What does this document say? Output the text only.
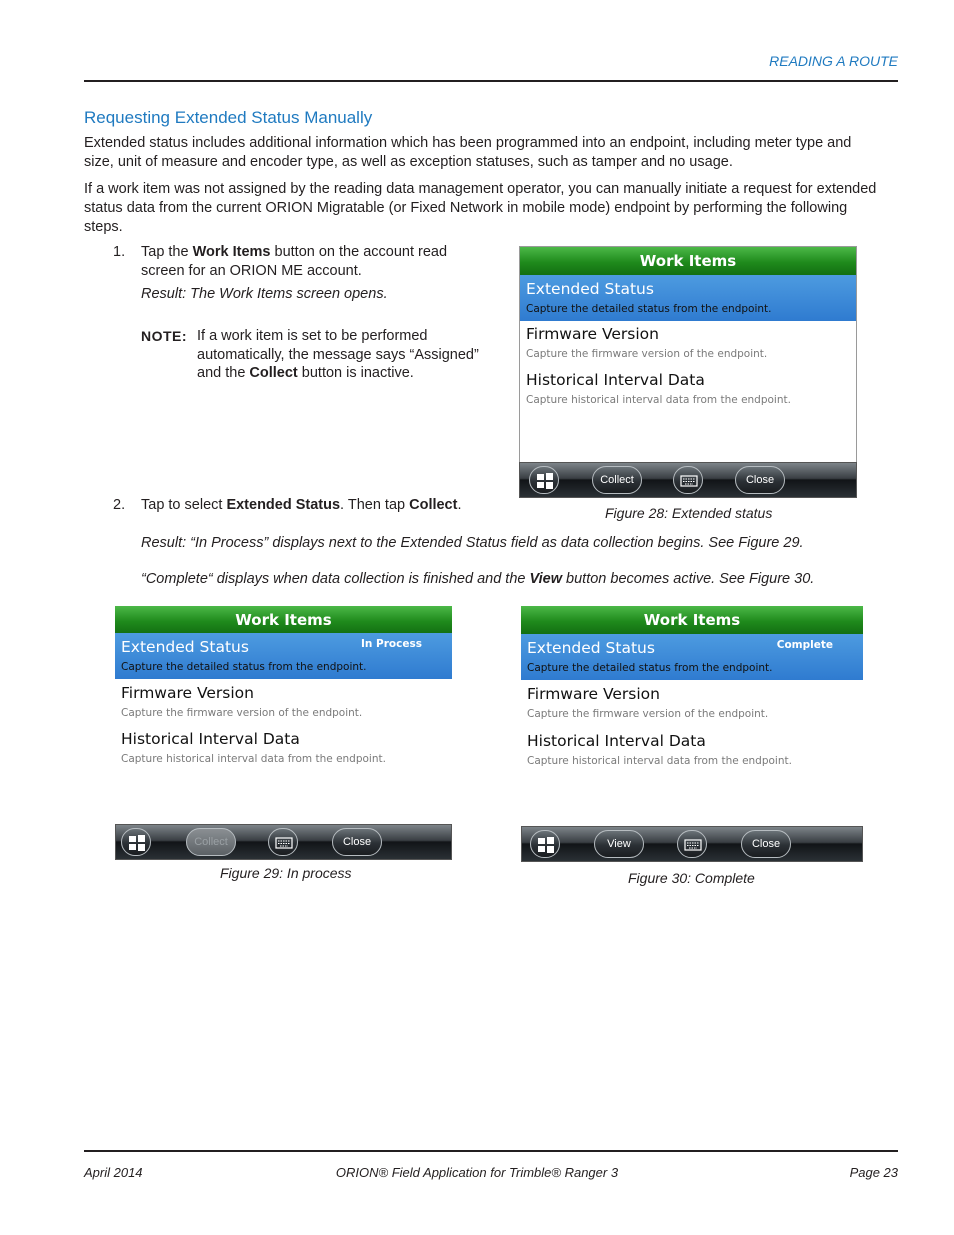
READING A ROUTE
Requesting Extended Status Manually
Extended status includes additional information which has been programmed into an endpoint, including meter type and size, unit of measure and encoder type, as well as exception statuses, such as tamper and no usage.
If a work item was not assigned by the reading data management operator, you can manually initiate a request for extended status data from the current ORION Migratable (or Fixed Network in mobile mode) endpoint by performing the following steps.
1. Tap the Work Items button on the account read
screen for an ORION ME account.
Result: The Work Items screen opens.
NOTE: If a work item is set to be performed
automatically, the message says “Assigned”
and the Collect button is inactive.
Work Items
Extended Status
Capture the detailed status from the endpoint.
Firmware Version
Capture the firmware version of the endpoint.
Historical Interval Data
Capture historical interval data from the endpoint.
Collect	Close
2. Tap to select Extended Status. Then tap Collect.	Figure 28: Extended status
Result: “In Process” displays next to the Extended Status field as data collection begins. See Figure 29.
“Complete“ displays when data collection is finished and the View button becomes active. See Figure 30.
Work Items
Extended Status	In Process
Capture the detailed status from the endpoint.
Firmware Version
Capture the firmware version of the endpoint.
Historical Interval Data
Capture historical interval data from the endpoint.
Collect	Close
Figure 29: In process
Work Items
Extended Status	Complete
Capture the detailed status from the endpoint.
Firmware Version
Capture the firmware version of the endpoint.
Historical Interval Data
Capture historical interval data from the endpoint.
View	Close
Figure 30: Complete
April 2014	ORION® Field Application for Trimble® Ranger 3	Page 23
